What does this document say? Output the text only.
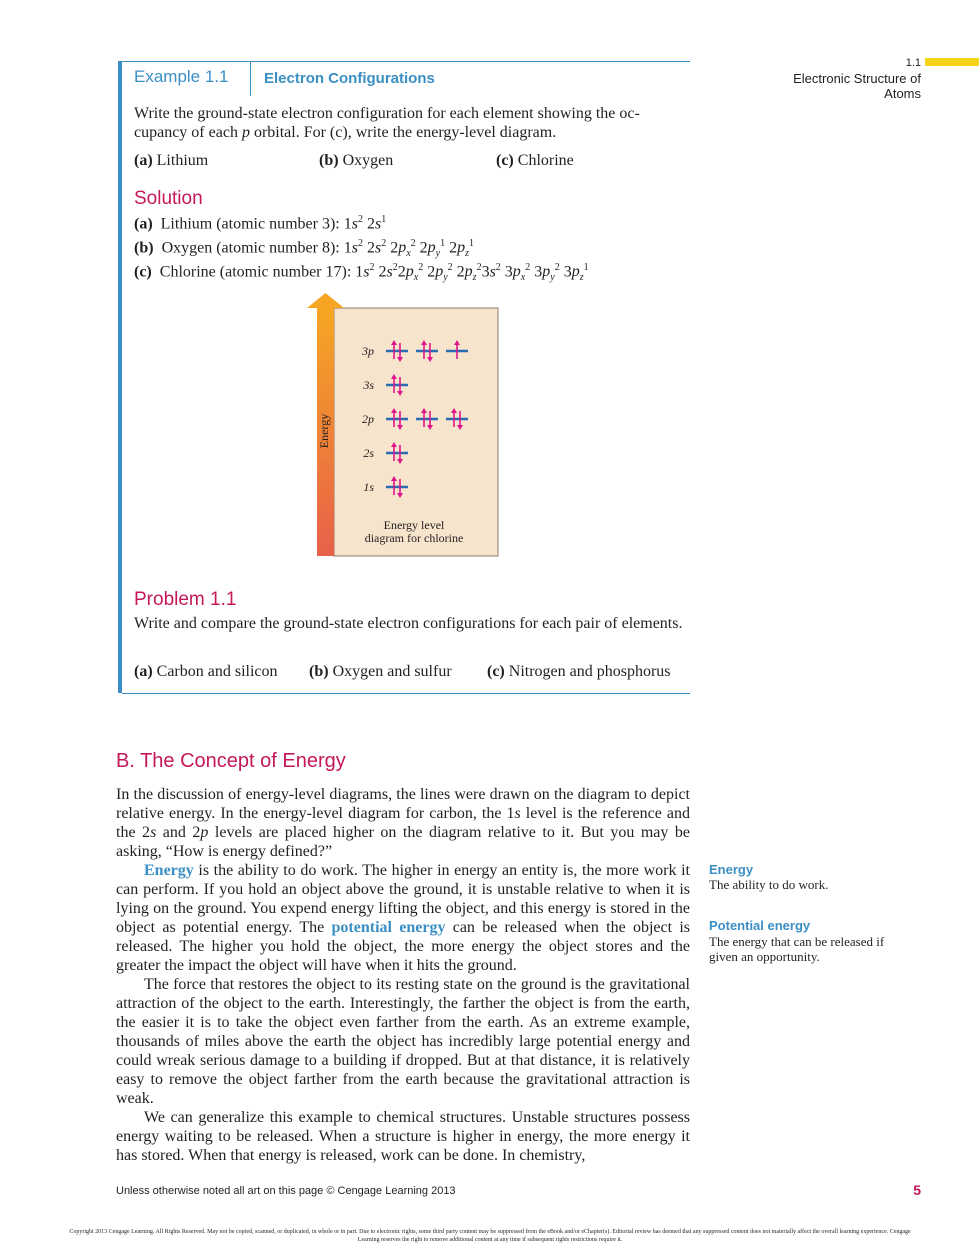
1.1
Electronic Structure of Atoms
Example 1.1 Electron Configurations
Write the ground-state electron configuration for each element showing the oc-
cupancy of each p orbital. For (c), write the energy-level diagram.
(a) Lithium	(b) Oxygen	(c) Chlorine
Solution
(a)  Lithium (atomic number 3): $1s^2$ $2s^1$
(b)  Oxygen (atomic number 8): $1s^2$ $2s^2$ $2p_x^2$ $2p_y^1$ $2p_z^1$
(c)  Chlorine (atomic number 17): $1s^2$ $2s^22p_x^2$ $2p_y^2$ $2p_z^23s^2$ $3p_x^2$ $3p_y^2$ $3p_z^1$
Energy
3p
3s
2p
2s
1s
Energy level
diagram for chlorine
Problem 1.1
Write and compare the ground-state electron configurations for each pair of elements.
(a) Carbon and silicon (b) Oxygen and sulfur (c) Nitrogen and phosphorus
B. The Concept of Energy

In the discussion of energy-level diagrams, the lines were drawn on the diagram to depict relative energy. In the energy-level diagram for carbon, the 1s level is the reference and the 2s and 2p levels are placed higher on the diagram relative to it. But you may be asking, “How is energy defined?”

Energy is the ability to do work. The higher in energy an entity is, the more work it can perform. If you hold an object above the ground, it is unstable relative to when it is lying on the ground. You expend energy lifting the object, and this energy is stored in the object as potential energy. The potential energy can be released when the object is released. The higher you hold the object, the more energy the object stores and the greater the impact the object will have when it hits the ground.

The force that restores the object to its resting state on the ground is the gravitational attraction of the object to the earth. Interestingly, the farther the object is from the earth, the easier it is to take the object even farther from the earth. As an extreme example, thousands of miles above the earth the object has incredibly large potential energy and could wreak serious damage to a building if dropped. But at that distance, it is relatively easy to remove the object farther from the earth because the gravitational attraction is weak.

We can generalize this example to chemical structures. Unstable structures possess energy waiting to be released. When a structure is higher in energy, the more energy it has stored. When that energy is released, work can be done. In chemistry,

Energy
The ability to do work.
Potential energy
The energy that can be released if given an opportunity.
Unless otherwise noted all art on this page © Cengage Learning 2013	5
Copyright 2013 Cengage Learning. All Rights Reserved. May not be copied, scanned, or duplicated, in whole or in part. Due to electronic rights, some third party content may be suppressed from the eBook and/or eChapter(s). Editorial review has deemed that any suppressed content does not materially affect the overall learning experience. Cengage Learning reserves the right to remove additional content at any time if subsequent rights restrictions require it.
